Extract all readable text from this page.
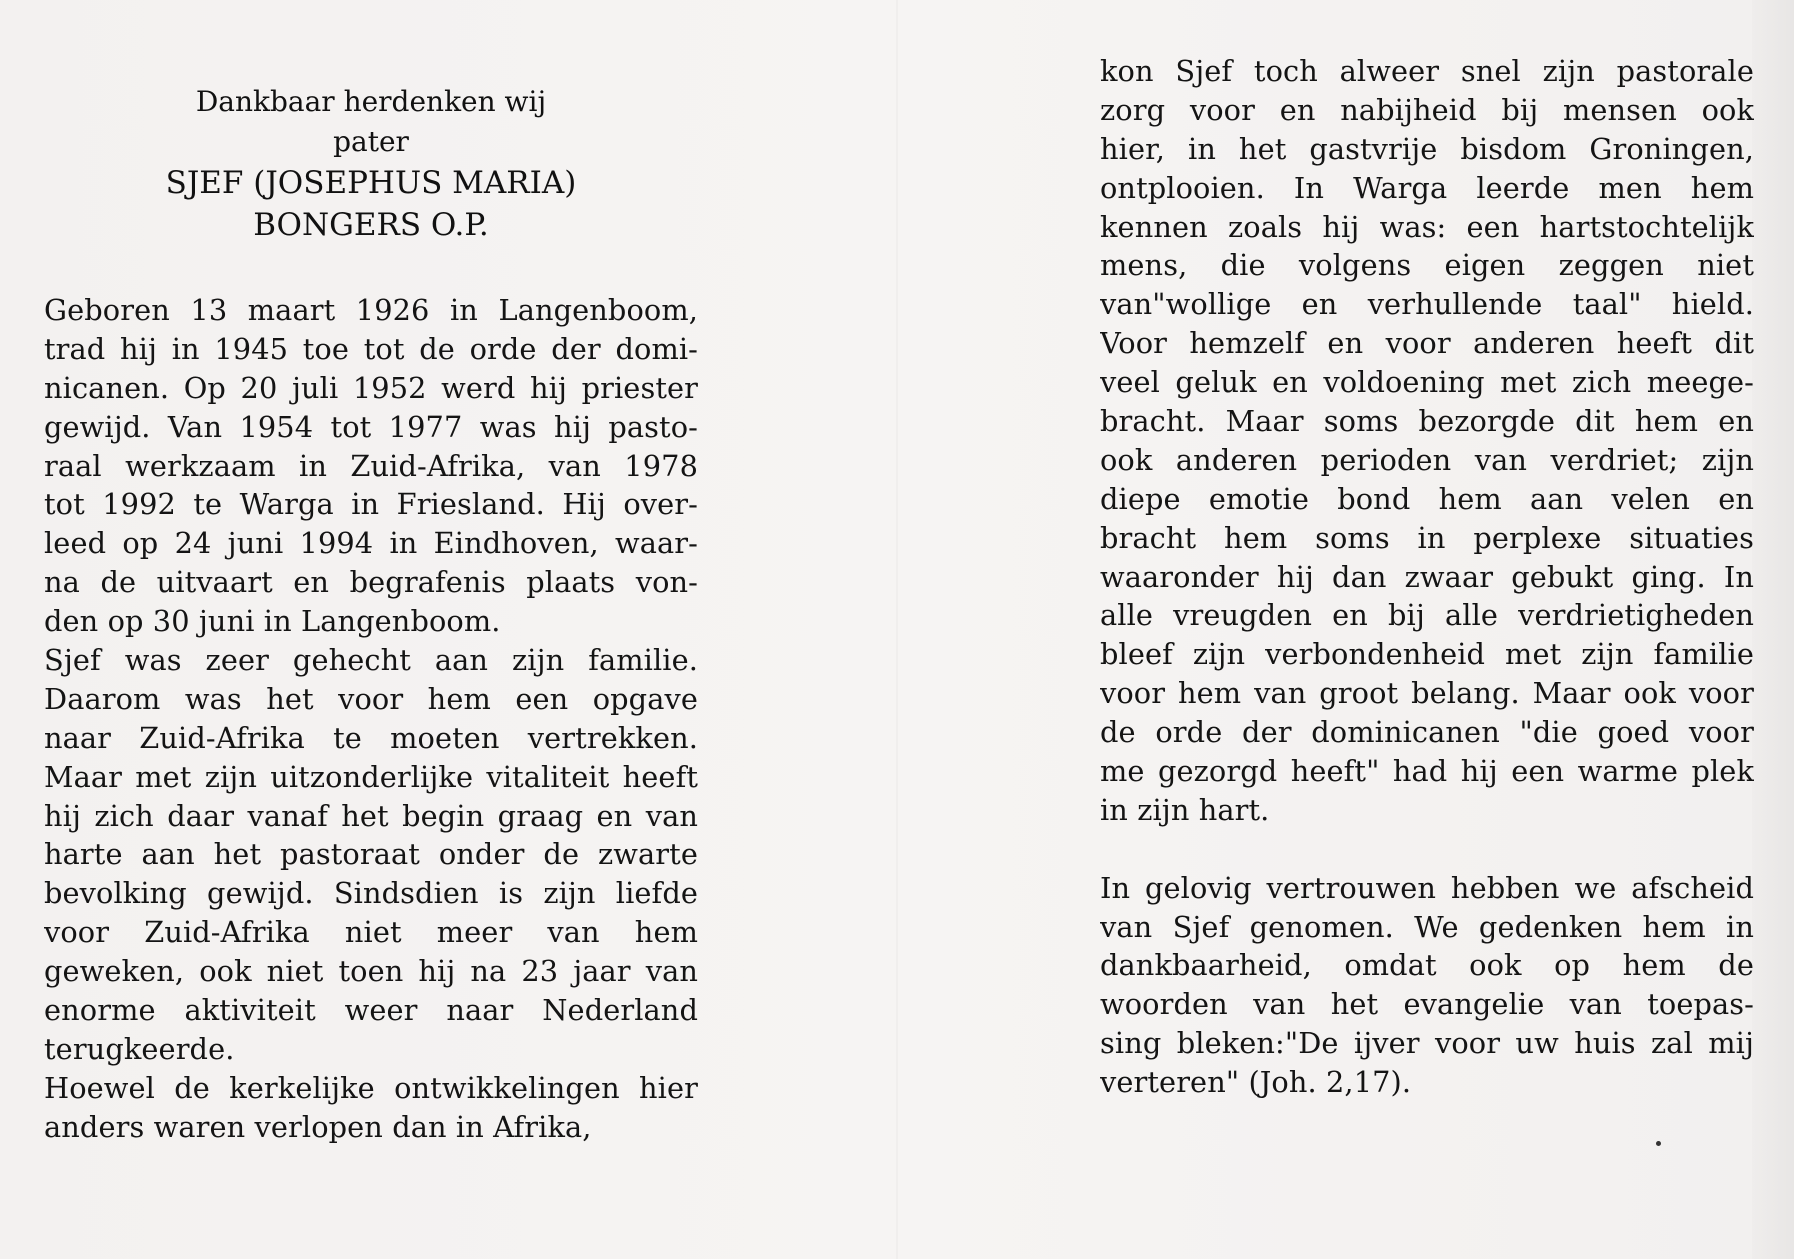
Dankbaar herdenken wij
pater
SJEF (JOSEPHUS MARIA)
BONGERS O.P.
Geboren 13 maart 1926 in Langenboom,
trad hij in 1945 toe tot de orde der domi-
nicanen. Op 20 juli 1952 werd hij priester
gewijd. Van 1954 tot 1977 was hij pasto-
raal werkzaam in Zuid-Afrika, van 1978
tot 1992 te Warga in Friesland. Hij over-
leed op 24 juni 1994 in Eindhoven, waar-
na de uitvaart en begrafenis plaats von-
den op 30 juni in Langenboom.
Sjef was zeer gehecht aan zijn familie.
Daarom was het voor hem een opgave
naar Zuid-Afrika te moeten vertrekken.
Maar met zijn uitzonderlijke vitaliteit heeft
hij zich daar vanaf het begin graag en van
harte aan het pastoraat onder de zwarte
bevolking gewijd. Sindsdien is zijn liefde
voor Zuid-Afrika niet meer van hem
geweken, ook niet toen hij na 23 jaar van
enorme aktiviteit weer naar Nederland
terugkeerde.
Hoewel de kerkelijke ontwikkelingen hier
anders waren verlopen dan in Afrika,
kon Sjef toch alweer snel zijn pastorale
zorg voor en nabijheid bij mensen ook
hier, in het gastvrije bisdom Groningen,
ontplooien. In Warga leerde men hem
kennen zoals hij was: een hartstochtelijk
mens, die volgens eigen zeggen niet
van"wollige en verhullende taal" hield.
Voor hemzelf en voor anderen heeft dit
veel geluk en voldoening met zich meege-
bracht. Maar soms bezorgde dit hem en
ook anderen perioden van verdriet; zijn
diepe emotie bond hem aan velen en
bracht hem soms in perplexe situaties
waaronder hij dan zwaar gebukt ging. In
alle vreugden en bij alle verdrietigheden
bleef zijn verbondenheid met zijn familie
voor hem van groot belang. Maar ook voor
de orde der dominicanen "die goed voor
me gezorgd heeft" had hij een warme plek
in zijn hart.
In gelovig vertrouwen hebben we afscheid
van Sjef genomen. We gedenken hem in
dankbaarheid, omdat ook op hem de
woorden van het evangelie van toepas-
sing bleken:"De ijver voor uw huis zal mij
verteren" (Joh. 2,17).
